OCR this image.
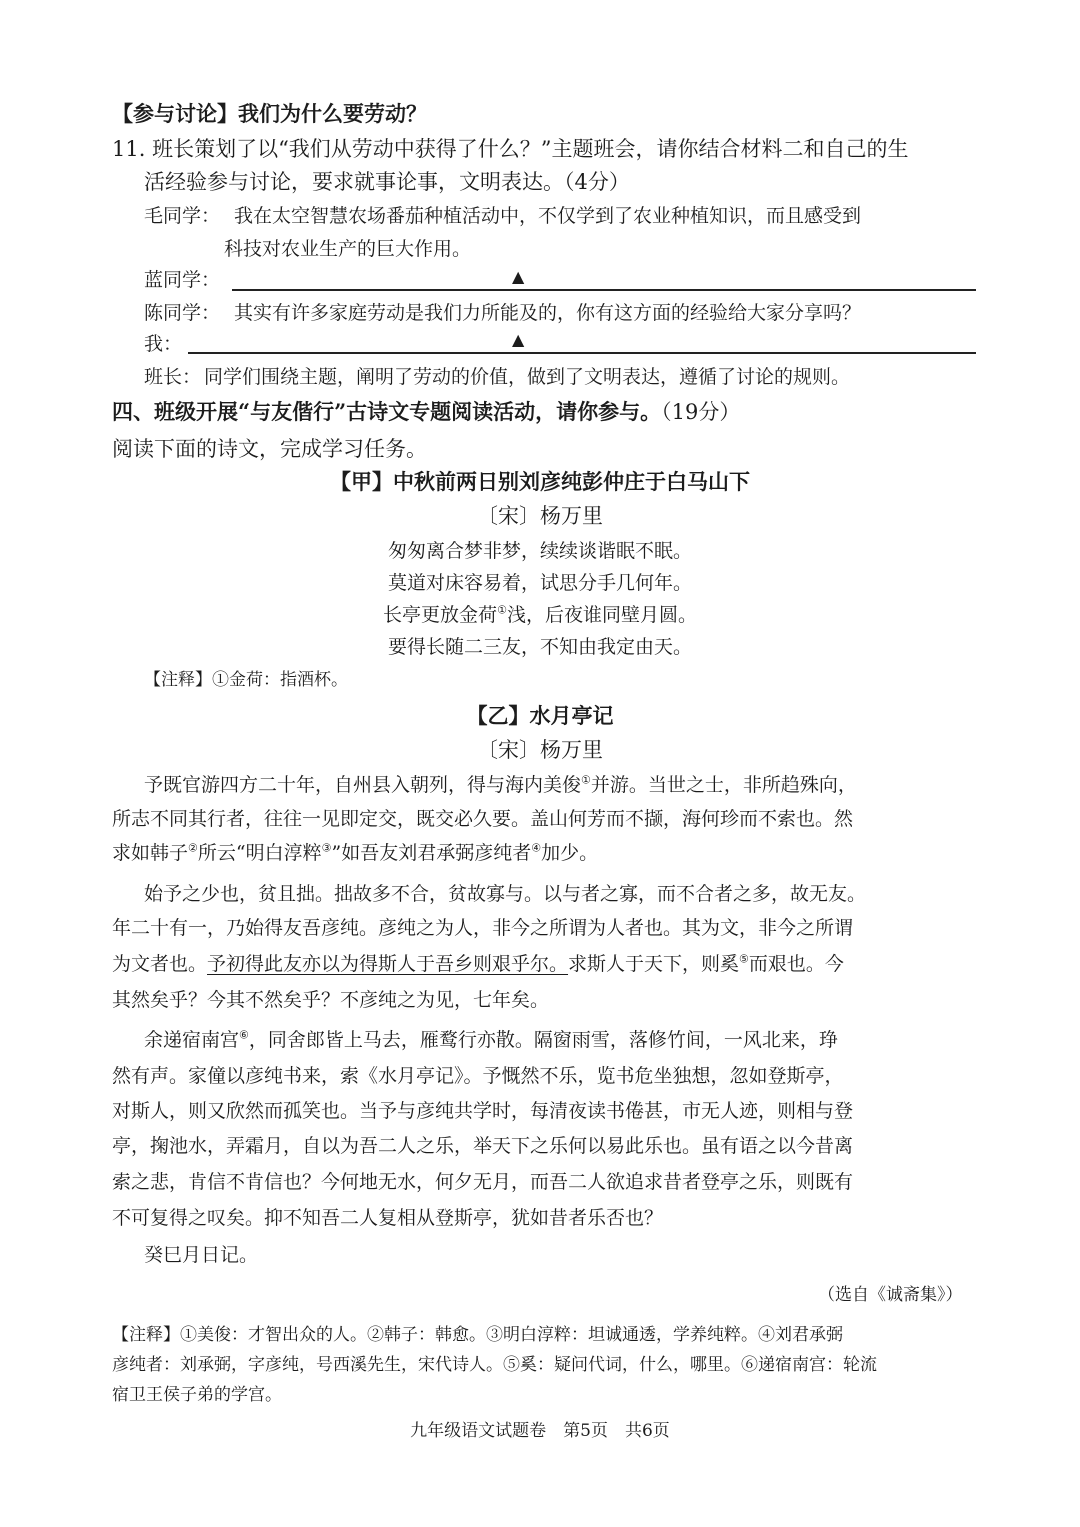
【参与讨论】我们为什么要劳动？
11. 班长策划了以“我们从劳动中获得了什么？”主题班会，请你结合材料二和自己的生
活经验参与讨论，要求就事论事，文明表达。（4分）
毛同学： 我在太空智慧农场番茄种植活动中，不仅学到了农业种植知识，而且感受到
科技对农业生产的巨大作用。
蓝同学：	▲
陈同学： 其实有许多家庭劳动是我们力所能及的，你有这方面的经验给大家分享吗？
我：	▲
班长： 同学们围绕主题，阐明了劳动的价值，做到了文明表达，遵循了讨论的规则。
四、班级开展“与友偕行”古诗文专题阅读活动，请你参与。（19分）
阅读下面的诗文，完成学习任务。
【甲】中秋前两日别刘彦纯彭仲庄于白马山下
〔宋〕杨万里
匆匆离合梦非梦，续续谈谐眠不眠。
莫道对床容易着，试思分手几何年。
长亭更放金荷①浅，后夜谁同壁月圆。
要得长随二三友，不知由我定由天。
【注释】①金荷：指酒杯。
【乙】水月亭记
〔宋〕杨万里
予既官游四方二十年，自州县入朝列，得与海内美俊①并游。当世之士，非所趋殊向，
所志不同其行者，往往一见即定交，既交必久要。盖山何芳而不撷，海何珍而不索也。然
求如韩子②所云“明白淳粹③”如吾友刘君承弼彦纯者④加少。
始予之少也，贫且拙。拙故多不合，贫故寡与。以与者之寡，而不合者之多，故无友。
年二十有一，乃始得友吾彦纯。彦纯之为人，非今之所谓为人者也。其为文，非今之所谓
为文者也。予初得此友亦以为得斯人于吾乡则艰乎尔。求斯人于天下，则奚⑤而艰也。今
其然矣乎？今其不然矣乎？不彦纯之为见，七年矣。
余递宿南宫⑥，同舍郎皆上马去，雁鹜行亦散。隔窗雨雪，落修竹间，一风北来，琤
然有声。家僮以彦纯书来，索《水月亭记》。予慨然不乐，览书危坐独想，忽如登斯亭，
对斯人，则又欣然而孤笑也。当予与彦纯共学时，每清夜读书倦甚，市无人迹，则相与登
亭，掬池水，弄霜月，自以为吾二人之乐，举天下之乐何以易此乐也。虽有语之以今昔离
索之悲，肯信不肯信也？今何地无水，何夕无月，而吾二人欲追求昔者登亭之乐，则既有
不可复得之叹矣。抑不知吾二人复相从登斯亭，犹如昔者乐否也？
癸巳月日记。
（选自《诚斋集》）
【注释】①美俊：才智出众的人。②韩子：韩愈。③明白淳粹：坦诚通透，学养纯粹。④刘君承弼
彦纯者：刘承弼，字彦纯，号西溪先生，宋代诗人。⑤奚：疑问代词，什么，哪里。⑥递宿南宫：轮流
宿卫王侯子弟的学宫。
九年级语文试题卷　第5页　共6页
